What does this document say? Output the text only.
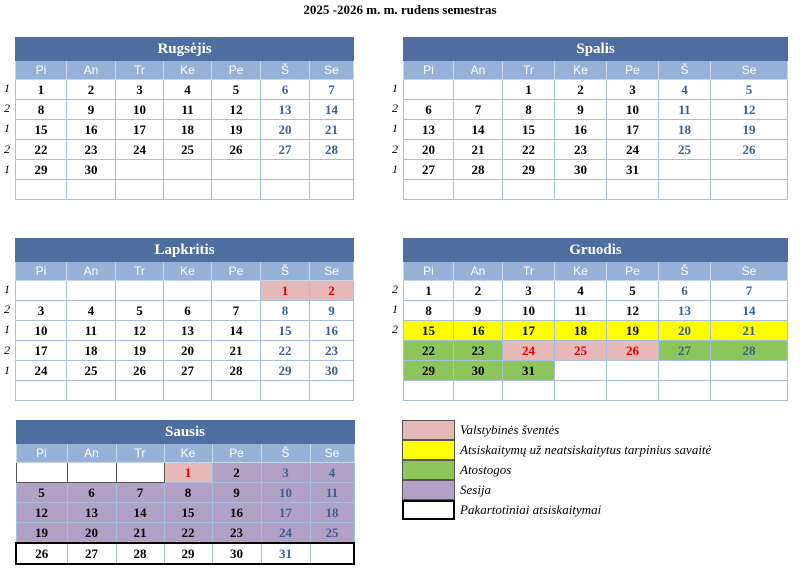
2025 -2026 m. m. rudens semestras
1
2
1
2
1
1
2
1
2
1
1
2
1
2
1
2
1
2
Rugsėjis						
Pi	An	Tr	Ke	Pe	Š	Se
1	2	3	4	5	6	7
8	9	10	11	12	13	14
15	16	17	18	19	20	21
22	23	24	25	26	27	28
29	30					

Spalis						
Pi	An	Tr	Ke	Pe	Š	Se
		1	2	3	4	5
6	7	8	9	10	11	12
13	14	15	16	17	18	19
20	21	22	23	24	25	26
27	28	29	30	31		

Lapkritis						
Pi	An	Tr	Ke	Pe	Š	Se
					1	2
3	4	5	6	7	8	9
10	11	12	13	14	15	16
17	18	19	20	21	22	23
24	25	26	27	28	29	30

Gruodis						
Pi	An	Tr	Ke	Pe	Š	Se
1	2	3	4	5	6	7
8	9	10	11	12	13	14
15	16	17	18	19	20	21
22	23	24	25	26	27	28
29	30	31				

Sausis						
Pi	An	Tr	Ke	Pe	Š	Se
			1	2	3	4
5	6	7	8	9	10	11
12	13	14	15	16	17	18
19	20	21	22	23	24	25
26	27	28	29	30	31	
Valstybinės šventės
Atsiskaitymų už neatsiskaitytus tarpinius savaitė
Atostogos
Sesija
Pakartotiniai atsiskaitymai
